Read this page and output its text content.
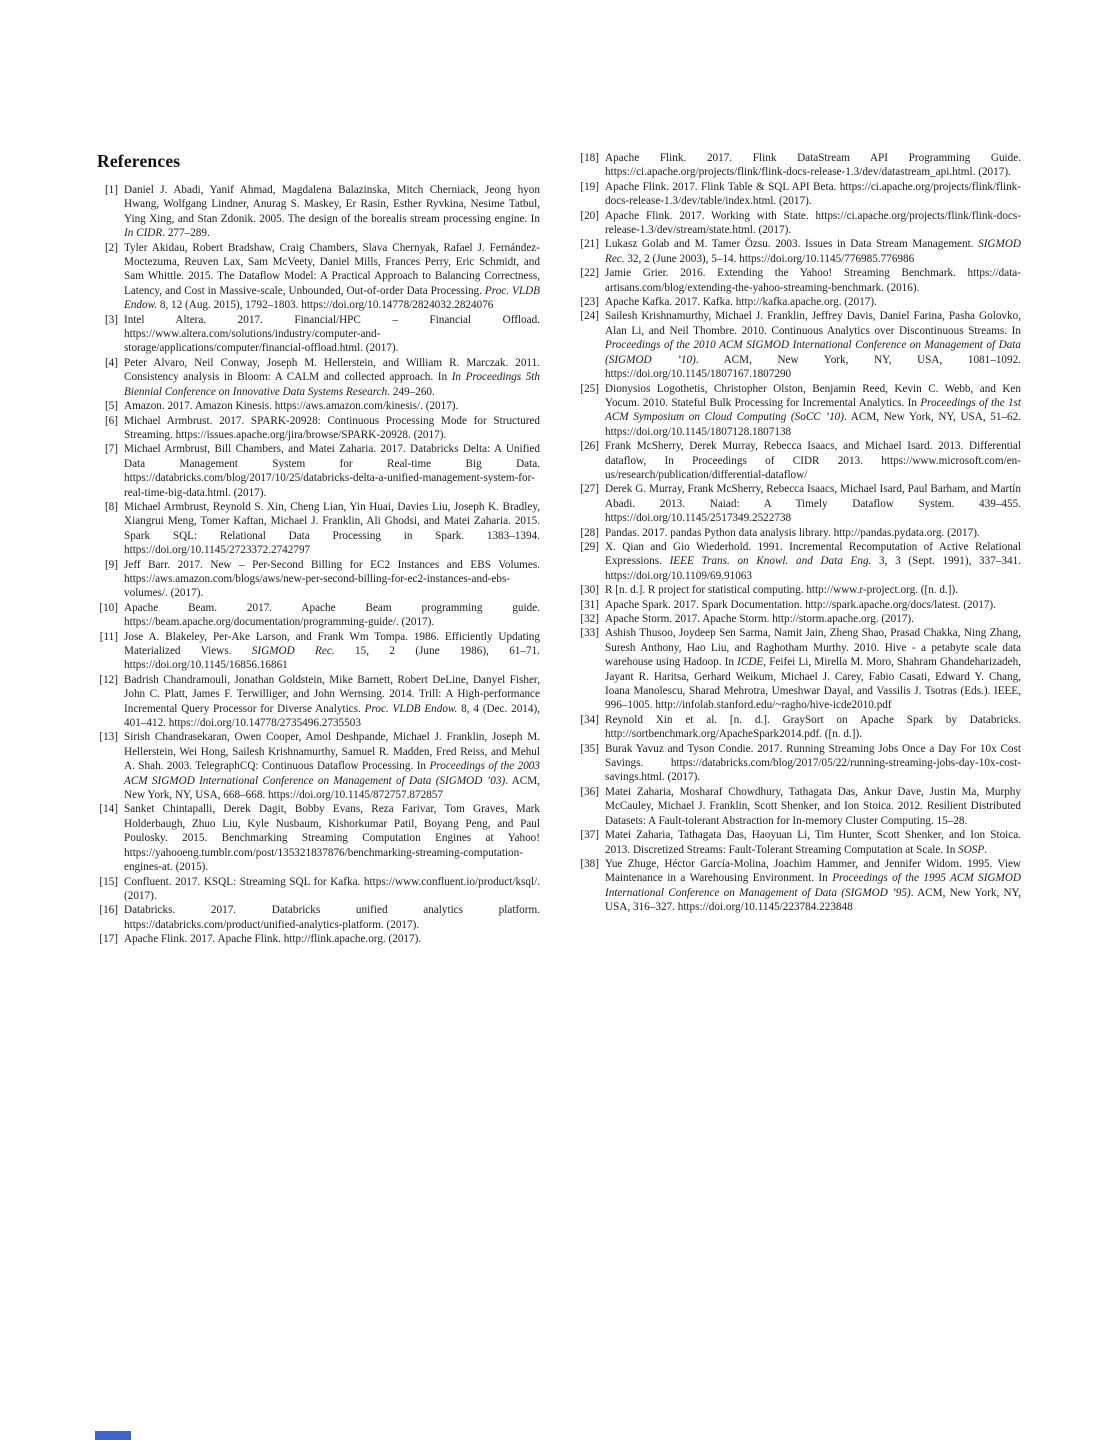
References
[1] Daniel J. Abadi, Yanif Ahmad, Magdalena Balazinska, Mitch Cherniack, Jeong hyon Hwang, Wolfgang Lindner, Anurag S. Maskey, Er Rasin, Esther Ryvkina, Nesime Tatbul, Ying Xing, and Stan Zdonik. 2005. The design of the borealis stream processing engine. In In CIDR. 277–289.
[2] Tyler Akidau, Robert Bradshaw, Craig Chambers, Slava Chernyak, Rafael J. Fernández-Moctezuma, Reuven Lax, Sam McVeety, Daniel Mills, Frances Perry, Eric Schmidt, and Sam Whittle. 2015. The Dataflow Model: A Practical Approach to Balancing Correctness, Latency, and Cost in Massive-scale, Unbounded, Out-of-order Data Processing. Proc. VLDB Endow. 8, 12 (Aug. 2015), 1792–1803. https://doi.org/10.14778/2824032.2824076
[3] Intel Altera. 2017. Financial/HPC – Financial Offload. https://www.altera.com/solutions/industry/computer-and-storage/applications/computer/financial-offload.html. (2017).
[4] Peter Alvaro, Neil Conway, Joseph M. Hellerstein, and William R. Marczak. 2011. Consistency analysis in Bloom: A CALM and collected approach. In In Proceedings 5th Biennial Conference on Innovative Data Systems Research. 249–260.
[5] Amazon. 2017. Amazon Kinesis. https://aws.amazon.com/kinesis/. (2017).
[6] Michael Armbrust. 2017. SPARK-20928: Continuous Processing Mode for Structured Streaming. https://issues.apache.org/jira/browse/SPARK-20928. (2017).
[7] Michael Armbrust, Bill Chambers, and Matei Zaharia. 2017. Databricks Delta: A Unified Data Management System for Real-time Big Data. https://databricks.com/blog/2017/10/25/databricks-delta-a-unified-management-system-for-real-time-big-data.html. (2017).
[8] Michael Armbrust, Reynold S. Xin, Cheng Lian, Yin Huai, Davies Liu, Joseph K. Bradley, Xiangrui Meng, Tomer Kaftan, Michael J. Franklin, Ali Ghodsi, and Matei Zaharia. 2015. Spark SQL: Relational Data Processing in Spark. 1383–1394. https://doi.org/10.1145/2723372.2742797
[9] Jeff Barr. 2017. New – Per-Second Billing for EC2 Instances and EBS Volumes. https://aws.amazon.com/blogs/aws/new-per-second-billing-for-ec2-instances-and-ebs-volumes/. (2017).
[10] Apache Beam. 2017. Apache Beam programming guide. https://beam.apache.org/documentation/programming-guide/. (2017).
[11] Jose A. Blakeley, Per-Ake Larson, and Frank Wm Tompa. 1986. Efficiently Updating Materialized Views. SIGMOD Rec. 15, 2 (June 1986), 61–71. https://doi.org/10.1145/16856.16861
[12] Badrish Chandramouli, Jonathan Goldstein, Mike Barnett, Robert DeLine, Danyel Fisher, John C. Platt, James F. Terwilliger, and John Wernsing. 2014. Trill: A High-performance Incremental Query Processor for Diverse Analytics. Proc. VLDB Endow. 8, 4 (Dec. 2014), 401–412. https://doi.org/10.14778/2735496.2735503
[13] Sirish Chandrasekaran, Owen Cooper, Amol Deshpande, Michael J. Franklin, Joseph M. Hellerstein, Wei Hong, Sailesh Krishnamurthy, Samuel R. Madden, Fred Reiss, and Mehul A. Shah. 2003. TelegraphCQ: Continuous Dataflow Processing. In Proceedings of the 2003 ACM SIGMOD International Conference on Management of Data (SIGMOD ’03). ACM, New York, NY, USA, 668–668. https://doi.org/10.1145/872757.872857
[14] Sanket Chintapalli, Derek Dagit, Bobby Evans, Reza Farivar, Tom Graves, Mark Holderbaugh, Zhuo Liu, Kyle Nusbaum, Kishorkumar Patil, Boyang Peng, and Paul Poulosky. 2015. Benchmarking Streaming Computation Engines at Yahoo! https://yahooeng.tumblr.com/post/135321837876/benchmarking-streaming-computation-engines-at. (2015).
[15] Confluent. 2017. KSQL: Streaming SQL for Kafka. https://www.confluent.io/product/ksql/. (2017).
[16] Databricks. 2017. Databricks unified analytics platform. https://databricks.com/product/unified-analytics-platform. (2017).
[17] Apache Flink. 2017. Apache Flink. http://flink.apache.org. (2017).
[18] Apache Flink. 2017. Flink DataStream API Programming Guide. https://ci.apache.org/projects/flink/flink-docs-release-1.3/dev/datastream_api.html. (2017).
[19] Apache Flink. 2017. Flink Table & SQL API Beta. https://ci.apache.org/projects/flink/flink-docs-release-1.3/dev/table/index.html. (2017).
[20] Apache Flink. 2017. Working with State. https://ci.apache.org/projects/flink/flink-docs-release-1.3/dev/stream/state.html. (2017).
[21] Lukasz Golab and M. Tamer Özsu. 2003. Issues in Data Stream Management. SIGMOD Rec. 32, 2 (June 2003), 5–14. https://doi.org/10.1145/776985.776986
[22] Jamie Grier. 2016. Extending the Yahoo! Streaming Benchmark. https://data-artisans.com/blog/extending-the-yahoo-streaming-benchmark. (2016).
[23] Apache Kafka. 2017. Kafka. http://kafka.apache.org. (2017).
[24] Sailesh Krishnamurthy, Michael J. Franklin, Jeffrey Davis, Daniel Farina, Pasha Golovko, Alan Li, and Neil Thombre. 2010. Continuous Analytics over Discontinuous Streams. In Proceedings of the 2010 ACM SIGMOD International Conference on Management of Data (SIGMOD ’10). ACM, New York, NY, USA, 1081–1092. https://doi.org/10.1145/1807167.1807290
[25] Dionysios Logothetis, Christopher Olston, Benjamin Reed, Kevin C. Webb, and Ken Yocum. 2010. Stateful Bulk Processing for Incremental Analytics. In Proceedings of the 1st ACM Symposium on Cloud Computing (SoCC ’10). ACM, New York, NY, USA, 51–62. https://doi.org/10.1145/1807128.1807138
[26] Frank McSherry, Derek Murray, Rebecca Isaacs, and Michael Isard. 2013. Differential dataflow, In Proceedings of CIDR 2013. https://www.microsoft.com/en-us/research/publication/differential-dataflow/
[27] Derek G. Murray, Frank McSherry, Rebecca Isaacs, Michael Isard, Paul Barham, and Martín Abadi. 2013. Naiad: A Timely Dataflow System. 439–455. https://doi.org/10.1145/2517349.2522738
[28] Pandas. 2017. pandas Python data analysis library. http://pandas.pydata.org. (2017).
[29] X. Qian and Gio Wiederhold. 1991. Incremental Recomputation of Active Relational Expressions. IEEE Trans. on Knowl. and Data Eng. 3, 3 (Sept. 1991), 337–341. https://doi.org/10.1109/69.91063
[30] R [n. d.]. R project for statistical computing. http://www.r-project.org. ([n. d.]).
[31] Apache Spark. 2017. Spark Documentation. http://spark.apache.org/docs/latest. (2017).
[32] Apache Storm. 2017. Apache Storm. http://storm.apache.org. (2017).
[33] Ashish Thusoo, Joydeep Sen Sarma, Namit Jain, Zheng Shao, Prasad Chakka, Ning Zhang, Suresh Anthony, Hao Liu, and Raghotham Murthy. 2010. Hive - a petabyte scale data warehouse using Hadoop. In ICDE, Feifei Li, Mirella M. Moro, Shahram Ghandeharizadeh, Jayant R. Haritsa, Gerhard Weikum, Michael J. Carey, Fabio Casati, Edward Y. Chang, Ioana Manolescu, Sharad Mehrotra, Umeshwar Dayal, and Vassilis J. Tsotras (Eds.). IEEE, 996–1005. http://infolab.stanford.edu/~ragho/hive-icde2010.pdf
[34] Reynold Xin et al. [n. d.]. GraySort on Apache Spark by Databricks. http://sortbenchmark.org/ApacheSpark2014.pdf. ([n. d.]).
[35] Burak Yavuz and Tyson Condie. 2017. Running Streaming Jobs Once a Day For 10x Cost Savings. https://databricks.com/blog/2017/05/22/running-streaming-jobs-day-10x-cost-savings.html. (2017).
[36] Matei Zaharia, Mosharaf Chowdhury, Tathagata Das, Ankur Dave, Justin Ma, Murphy McCauley, Michael J. Franklin, Scott Shenker, and Ion Stoica. 2012. Resilient Distributed Datasets: A Fault-tolerant Abstraction for In-memory Cluster Computing. 15–28.
[37] Matei Zaharia, Tathagata Das, Haoyuan Li, Tim Hunter, Scott Shenker, and Ion Stoica. 2013. Discretized Streams: Fault-Tolerant Streaming Computation at Scale. In SOSP.
[38] Yue Zhuge, Héctor García-Molina, Joachim Hammer, and Jennifer Widom. 1995. View Maintenance in a Warehousing Environment. In Proceedings of the 1995 ACM SIGMOD International Conference on Management of Data (SIGMOD ’95). ACM, New York, NY, USA, 316–327. https://doi.org/10.1145/223784.223848
